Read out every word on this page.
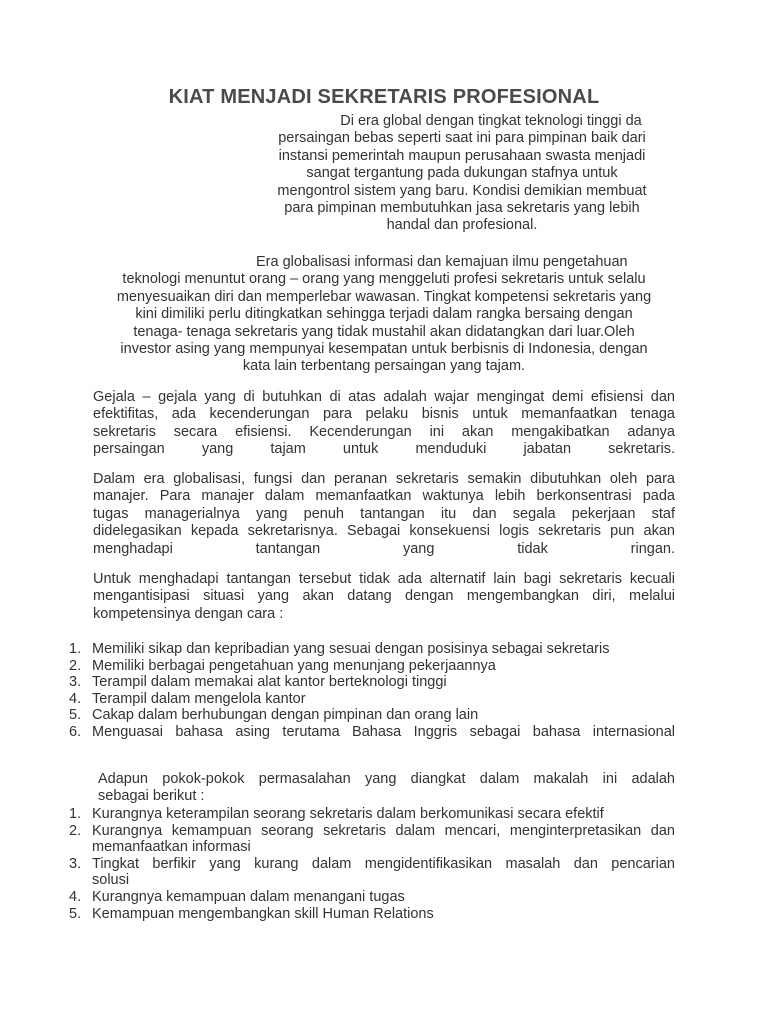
KIAT MENJADI SEKRETARIS PROFESIONAL
Di era global dengan tingkat teknologi tinggi da
persaingan bebas seperti saat ini para pimpinan baik dari
instansi pemerintah maupun perusahaan swasta menjadi
sangat tergantung pada dukungan stafnya untuk
mengontrol sistem yang baru. Kondisi demikian membuat
para pimpinan membutuhkan jasa sekretaris yang lebih
handal dan profesional.
Era globalisasi informasi dan kemajuan ilmu pengetahuan
teknologi menuntut orang – orang yang menggeluti profesi sekretaris untuk selalu
menyesuaikan diri dan memperlebar wawasan. Tingkat kompetensi sekretaris yang
kini dimiliki perlu ditingkatkan sehingga terjadi dalam rangka bersaing dengan
tenaga- tenaga sekretaris yang tidak mustahil akan didatangkan dari luar.Oleh
investor asing yang mempunyai kesempatan untuk berbisnis di Indonesia, dengan
kata lain terbentang persaingan yang tajam.
Gejala – gejala yang di butuhkan di atas adalah wajar mengingat demi efisiensi dan
efektifitas, ada kecenderungan para pelaku bisnis untuk memanfaatkan tenaga
sekretaris secara efisiensi. Kecenderungan ini akan mengakibatkan adanya
persaingan yang tajam untuk menduduki jabatan sekretaris.
Dalam era globalisasi, fungsi dan peranan sekretaris semakin dibutuhkan oleh para
manajer. Para manajer dalam memanfaatkan waktunya lebih berkonsentrasi pada
tugas managerialnya yang penuh tantangan itu dan segala pekerjaan staf
didelegasikan kepada sekretarisnya. Sebagai konsekuensi logis sekretaris pun akan
menghadapi tantangan yang tidak ringan.
Untuk menghadapi tantangan tersebut tidak ada alternatif lain bagi sekretaris kecuali
mengantisipasi situasi yang akan datang dengan mengembangkan diri, melalui
kompetensinya dengan cara :
1. Memiliki sikap dan kepribadian yang sesuai dengan posisinya sebagai sekretaris
2. Memiliki berbagai pengetahuan yang menunjang pekerjaannya
3. Terampil dalam memakai alat kantor berteknologi tinggi
4. Terampil dalam mengelola kantor
5. Cakap dalam berhubungan dengan pimpinan dan orang lain
6. Menguasai bahasa asing terutama Bahasa Inggris sebagai bahasa internasional
Adapun pokok-pokok permasalahan yang diangkat dalam makalah ini adalah
sebagai berikut :
1. Kurangnya keterampilan seorang sekretaris dalam berkomunikasi secara efektif
2. Kurangnya kemampuan seorang sekretaris dalam mencari, menginterpretasikan dan
memanfaatkan informasi
3. Tingkat berfikir yang kurang dalam mengidentifikasikan masalah dan pencarian
solusi
4. Kurangnya kemampuan dalam menangani tugas
5. Kemampuan mengembangkan skill Human Relations
